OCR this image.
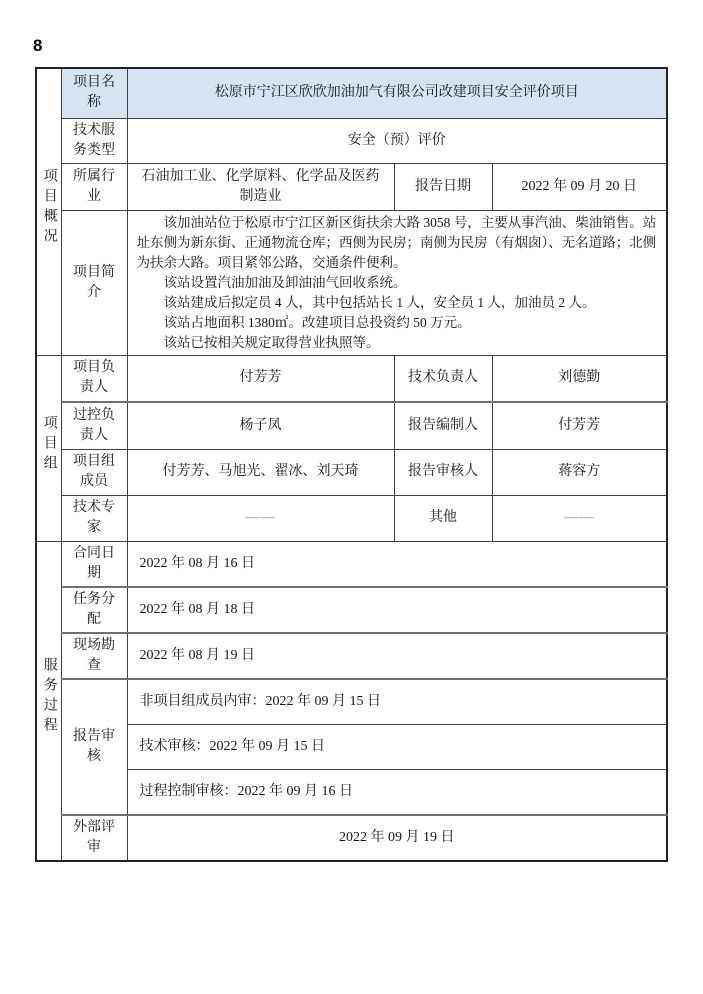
8
项目概况	项目名称	松原市宁江区欣欣加油加气有限公司改建项目安全评价项目		
	技术服务类型	安全（预）评价		
	所属行业	石油加工业、化学原料、化学品及医药制造业	报告日期	2022 年 09 月 20 日
	项目简介	该加油站位于松原市宁江区新区街扶余大路 3058 号，主要从事汽油、柴油销售。站址东侧为新东街、正通物流仓库；西侧为民房；南侧为民房（有烟囱）、无名道路；北侧为扶余大路。项目紧邻公路，交通条件便利。

该站设置汽油加油及卸油油气回收系统。

该站建成后拟定员 4 人，其中包括站长 1 人，安全员 1 人，加油员 2 人。

该站占地面积 1380㎡。改建项目总投资约 50 万元。

该站已按相关规定取得营业执照等。		

项目组	项目负责人	付芳芳	技术负责人	刘德勤
	过控负责人	杨子凤	报告编制人	付芳芳
	项目组成员	付芳芳、马旭光、翟冰、刘天琦	报告审核人	蒋容方
	技术专家	——	其他	——
服务过程	合同日期	2022 年 08 月 16 日		
	任务分配	2022 年 08 月 18 日		
	现场勘查	2022 年 08 月 19 日		
	报告审核	非项目组成员内审：2022 年 09 月 15 日		
		技术审核：2022 年 09 月 15 日		
		过程控制审核：2022 年 09 月 16 日		
	外部评审	2022 年 09 月 19 日		
